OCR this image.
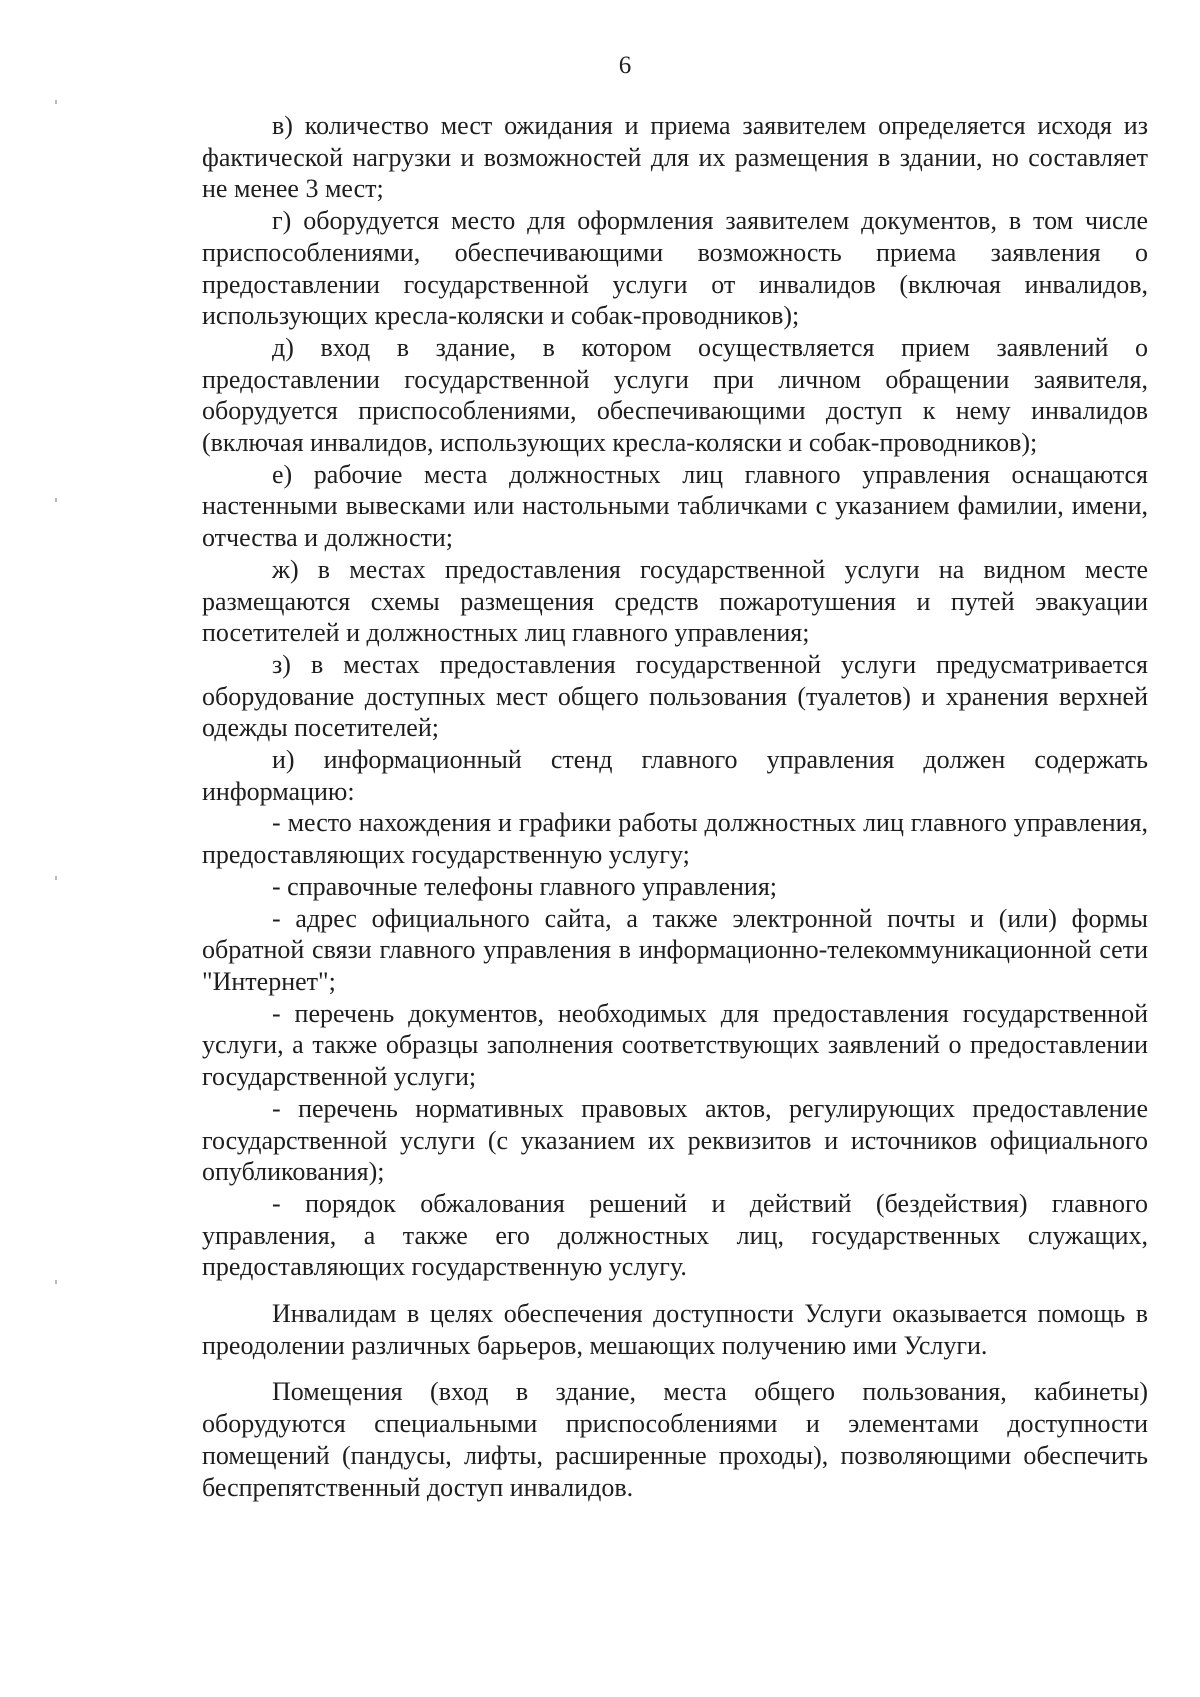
6

в) количество мест ожидания и приема заявителем определяется исходя из фактической нагрузки и возможностей для их размещения в здании, но составляет не менее 3 мест;

г) оборудуется место для оформления заявителем документов, в том числе приспособлениями, обеспечивающими возможность приема заявления о предоставлении государственной услуги от инвалидов (включая инвалидов, использующих кресла-коляски и собак-проводников);

д) вход в здание, в котором осуществляется прием заявлений о предоставлении государственной услуги при личном обращении заявителя, оборудуется приспособлениями, обеспечивающими доступ к нему инвалидов (включая инвалидов, использующих кресла-коляски и собак-проводников);

е) рабочие места должностных лиц главного управления оснащаются настенными вывесками или настольными табличками с указанием фамилии, имени, отчества и должности;

ж) в местах предоставления государственной услуги на видном месте размещаются схемы размещения средств пожаротушения и путей эвакуации посетителей и должностных лиц главного управления;

з) в местах предоставления государственной услуги предусматривается оборудование доступных мест общего пользования (туалетов) и хранения верхней одежды посетителей;

и) информационный стенд главного управления должен содержать информацию:

- место нахождения и графики работы должностных лиц главного управления, предоставляющих государственную услугу;

- справочные телефоны главного управления;

- адрес официального сайта, а также электронной почты и (или) формы обратной связи главного управления в информационно-телекоммуникационной сети "Интернет";

- перечень документов, необходимых для предоставления государственной услуги, а также образцы заполнения соответствующих заявлений о предоставлении государственной услуги;

- перечень нормативных правовых актов, регулирующих предоставление государственной услуги (с указанием их реквизитов и источников официального опубликования);

- порядок обжалования решений и действий (бездействия) главного управления, а также его должностных лиц, государственных служащих, предоставляющих государственную услугу.

Инвалидам в целях обеспечения доступности Услуги оказывается помощь в преодолении различных барьеров, мешающих получению ими Услуги.

Помещения (вход в здание, места общего пользования, кабинеты) оборудуются специальными приспособлениями и элементами доступности помещений (пандусы, лифты, расширенные проходы), позволяющими обеспечить беспрепятственный доступ инвалидов.
